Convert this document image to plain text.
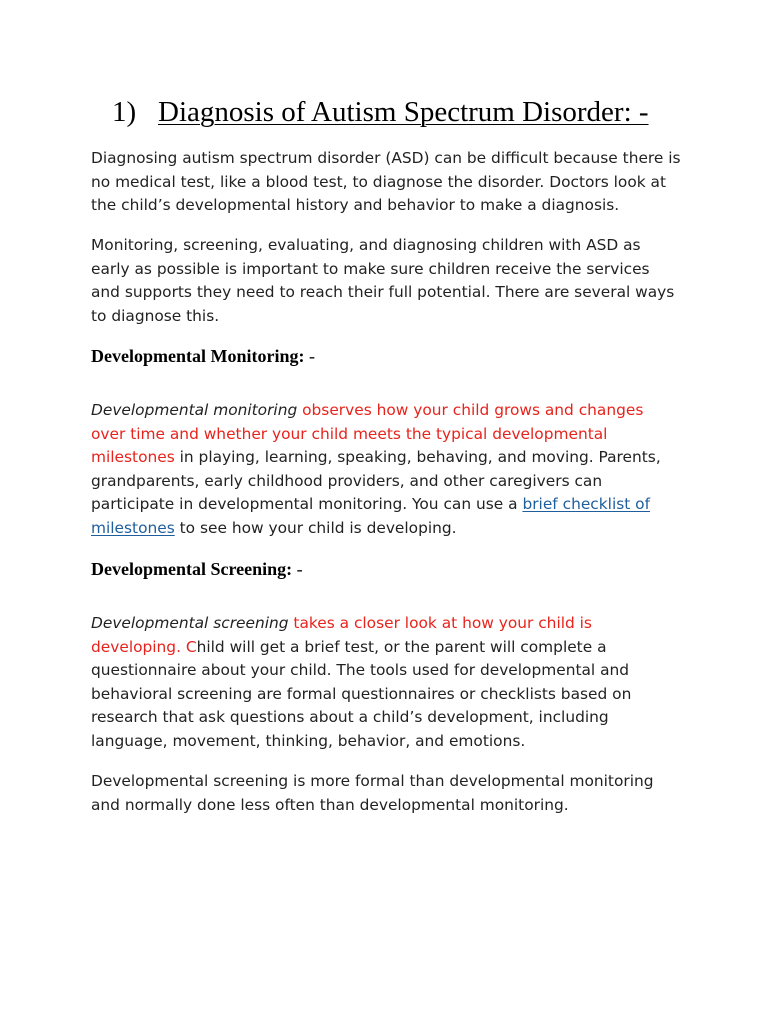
1) Diagnosis of Autism Spectrum Disorder: -

Diagnosing autism spectrum disorder (ASD) can be difficult because there is no medical test, like a blood test, to diagnose the disorder. Doctors look at the child’s developmental history and behavior to make a diagnosis.

Monitoring, screening, evaluating, and diagnosing children with ASD as early as possible is important to make sure children receive the services and supports they need to reach their full potential. There are several ways to diagnose this.

Developmental Monitoring: -

Developmental monitoring observes how your child grows and changes over time and whether your child meets the typical developmental milestones in playing, learning, speaking, behaving, and moving. Parents, grandparents, early childhood providers, and other caregivers can participate in developmental monitoring. You can use a brief checklist of milestones to see how your child is developing.

Developmental Screening: -

Developmental screening takes a closer look at how your child is developing. Child will get a brief test, or the parent will complete a questionnaire about your child. The tools used for developmental and behavioral screening are formal questionnaires or checklists based on research that ask questions about a child’s development, including language, movement, thinking, behavior, and emotions.

Developmental screening is more formal than developmental monitoring and normally done less often than developmental monitoring.
